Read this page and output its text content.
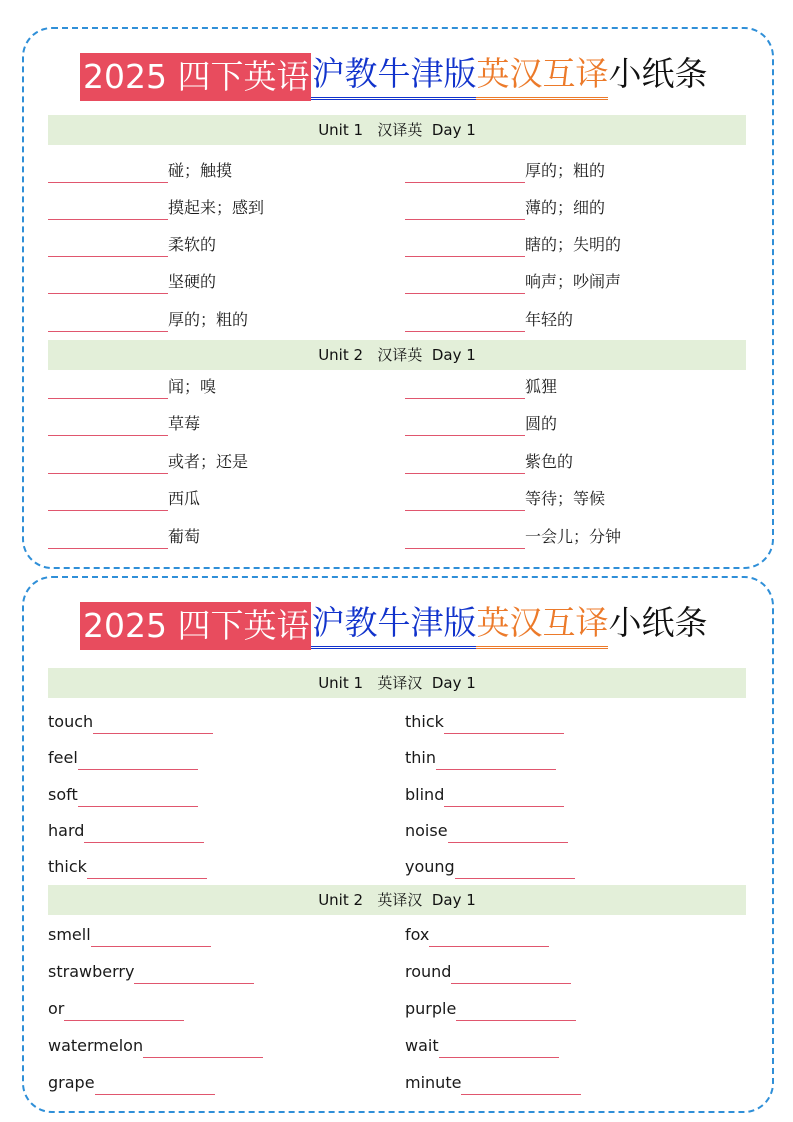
2025 四下英语 沪教牛津版 英汉互译 小纸条
Unit 1   汉译英  Day 1
碰；触摸	厚的；粗的
摸起来；感到	薄的；细的
柔软的	瞎的；失明的
坚硬的	响声；吵闹声
厚的；粗的	年轻的
Unit 2   汉译英  Day 1
闻；嗅	狐狸
草莓	圆的
或者；还是	紫色的
西瓜	等待；等候
葡萄	一会儿；分钟
2025 四下英语 沪教牛津版 英汉互译 小纸条
Unit 1   英译汉  Day 1
touch	thick
feel	thin
soft	blind
hard	noise
thick	young
Unit 2   英译汉  Day 1
smell	fox
strawberry	round
or	purple
watermelon	wait
grape	minute
